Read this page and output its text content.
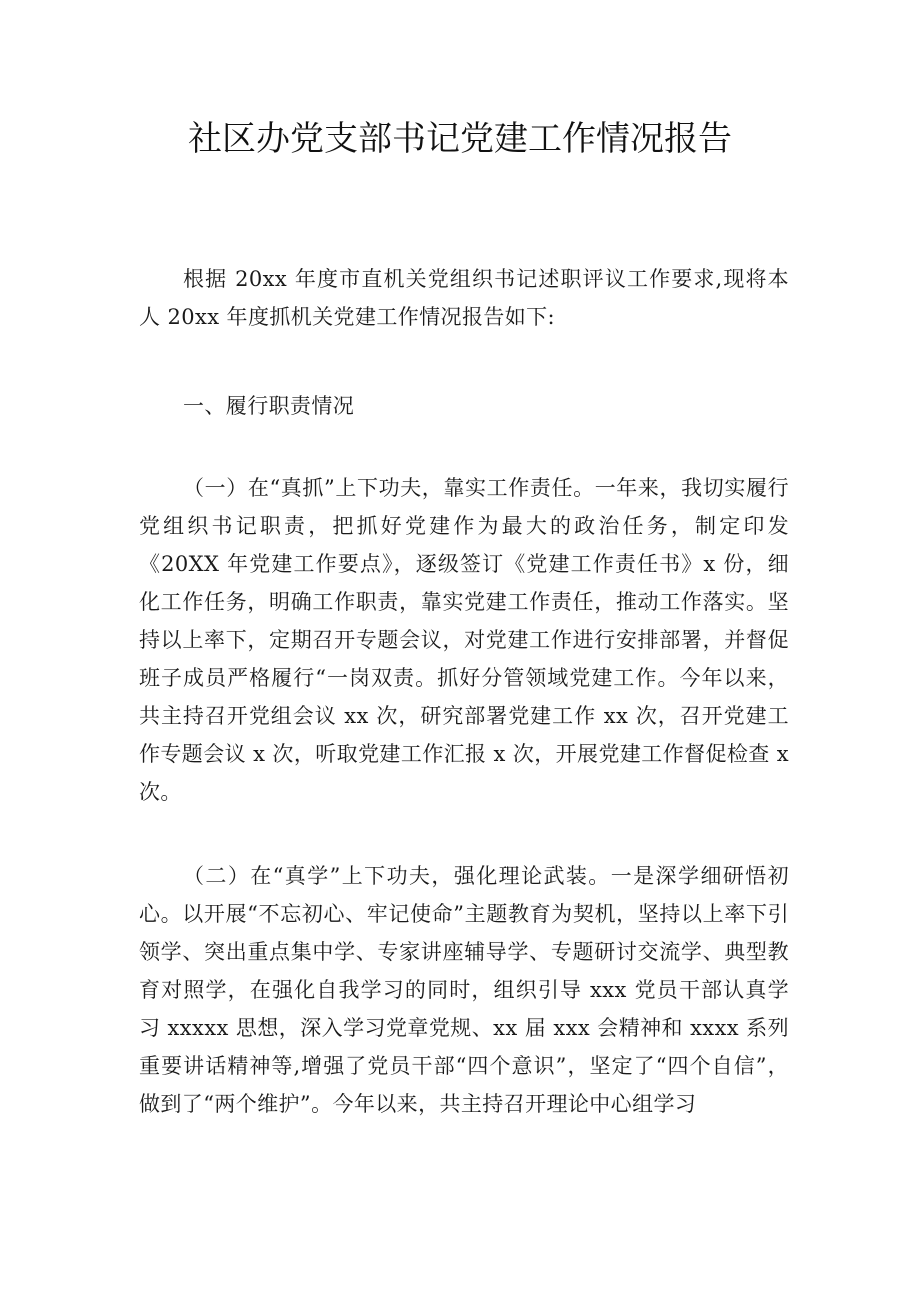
社区办党支部书记党建工作情况报告

根据 20xx 年度市直机关党组织书记述职评议工作要求,现将本人 20xx 年度抓机关党建工作情况报告如下:

一、履行职责情况

（一）在“真抓”上下功夫，靠实工作责任。一年来，我切实履行党组织书记职责，把抓好党建作为最大的政治任务，制定印发《20XX 年党建工作要点》，逐级签订《党建工作责任书》x 份，细化工作任务，明确工作职责，靠实党建工作责任，推动工作落实。坚持以上率下，定期召开专题会议，对党建工作进行安排部署，并督促班子成员严格履行“一岗双责。抓好分管领域党建工作。今年以来，共主持召开党组会议 xx 次，研究部署党建工作 xx 次，召开党建工作专题会议 x 次，听取党建工作汇报 x 次，开展党建工作督促检查 x 次。

（二）在“真学”上下功夫，强化理论武装。一是深学细研悟初心。以开展“不忘初心、牢记使命”主题教育为契机，坚持以上率下引领学、突出重点集中学、专家讲座辅导学、专题研讨交流学、典型教育对照学，在强化自我学习的同时，组织引导 xxx 党员干部认真学习 xxxxx 思想，深入学习党章党规、xx 届 xxx 会精神和 xxxx 系列重要讲话精神等,增强了党员干部“四个意识”，坚定了“四个自信”，做到了“两个维护”。今年以来，共主持召开理论中心组学习
